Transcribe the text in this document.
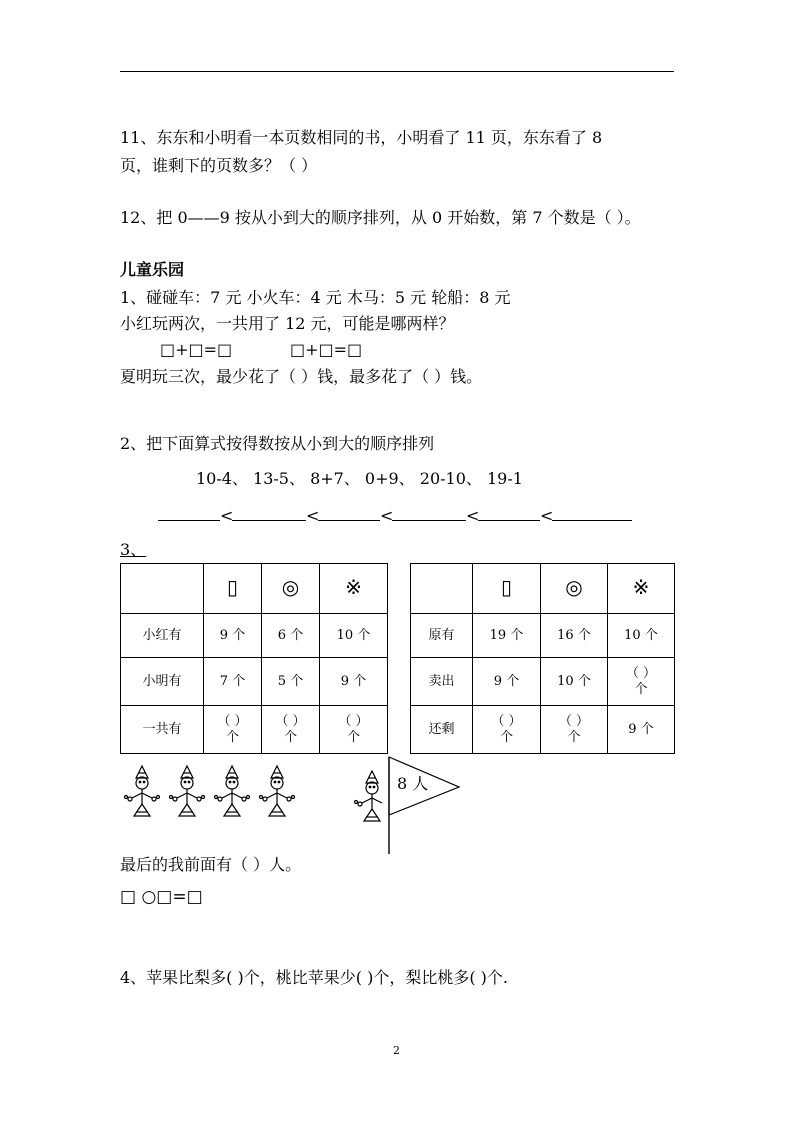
11、东东和小明看一本页数相同的书，小明看了 11 页，东东看了 8
页，谁剩下的页数多？（ ）
12、把 0——9 按从小到大的顺序排列，从 0 开始数，第 7 个数是（ ）。
儿童乐园
1、碰碰车：7 元 小火车：4 元 木马：5 元 轮船：8 元
小红玩两次，一共用了 12 元，可能是哪两样？
□+□=□	□+□=□
夏明玩三次，最少花了（ ）钱，最多花了（ ）钱。
2、把下面算式按得数按从小到大的顺序排列
10-4、 13-5、 8+7、 0+9、 20-10、 19-1
<	<	<	<	<
3、
	▯	◎	※
小红有	9 个	6 个	10 个
小明有	7 个	5 个	9 个
一共有	（ ）个	（ ）个	（ ）个
	▯	◎	※
原有	19 个	16 个	10 个
卖出	9 个	10 个	（ ）个

还剩	（ ）个	（ ）个	9 个
8 人
最后的我前面有（ ）人。
□ ○□=□
4、苹果比梨多( )个，桃比苹果少( )个，梨比桃多( )个.
2
